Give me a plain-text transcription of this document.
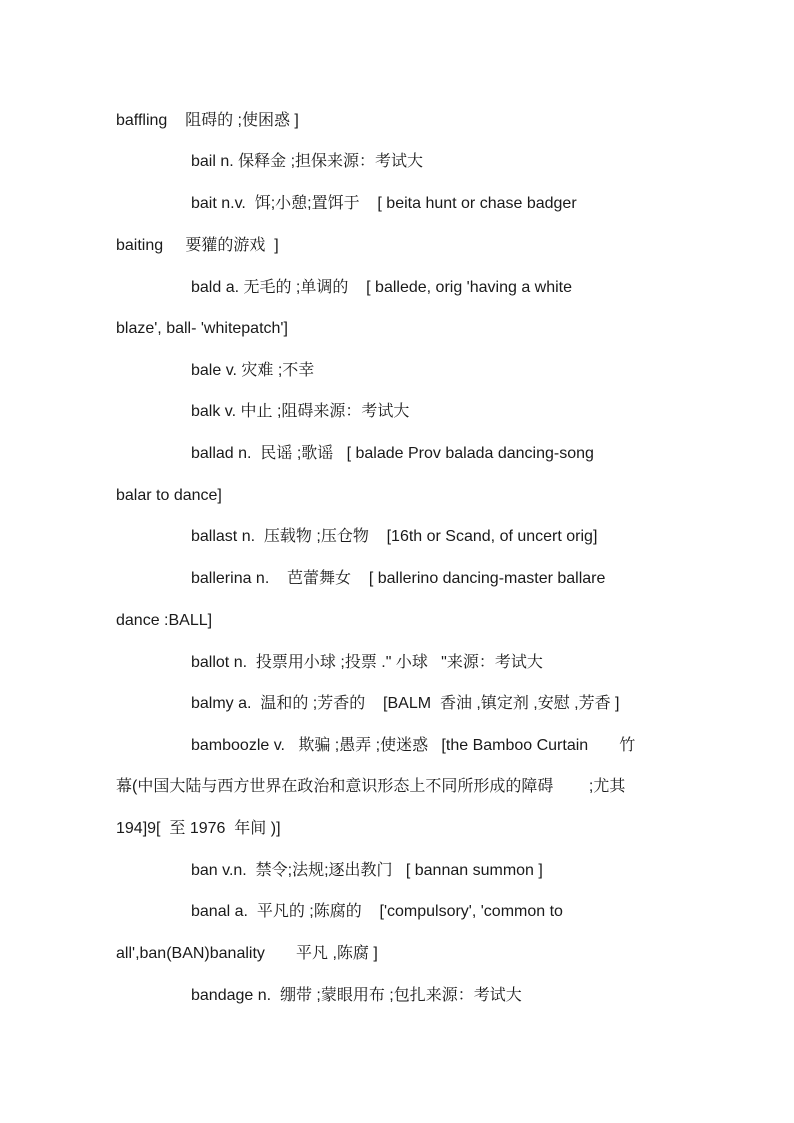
baffling    阻碍的 ;使困惑 ]
bail n. 保释金 ;担保来源：考试大
bait n.v.  饵;小憩;置饵于    [ beita hunt or chase badger
baiting     要獾的游戏  ]
bald a. 无毛的 ;单调的    [ ballede, orig 'having a white
blaze', ball- 'whitepatch']
bale v. 灾难 ;不幸
balk v. 中止 ;阻碍来源：考试大
ballad n.  民谣 ;歌谣   [ balade Prov balada dancing-song
balar to dance]
ballast n.  压载物 ;压仓物    [16th or Scand, of uncert orig]
ballerina n.    芭蕾舞女    [ ballerino dancing-master ballare
dance :BALL]
ballot n.  投票用小球 ;投票 ." 小球   "来源：考试大
balmy a.  温和的 ;芳香的    [BALM  香油 ,镇定剂 ,安慰 ,芳香 ]
bamboozle v.   欺骗 ;愚弄 ;使迷惑   [the Bamboo Curtain       竹
幕(中国大陆与西方世界在政治和意识形态上不同所形成的障碍        ;尤其
194]9[  至 1976  年间 )]
ban v.n.  禁令;法规;逐出教门   [ bannan summon ]
banal a.  平凡的 ;陈腐的    ['compulsory', 'common to
all',ban(BAN)banality       平凡 ,陈腐 ]
bandage n.  绷带 ;蒙眼用布 ;包扎来源：考试大
